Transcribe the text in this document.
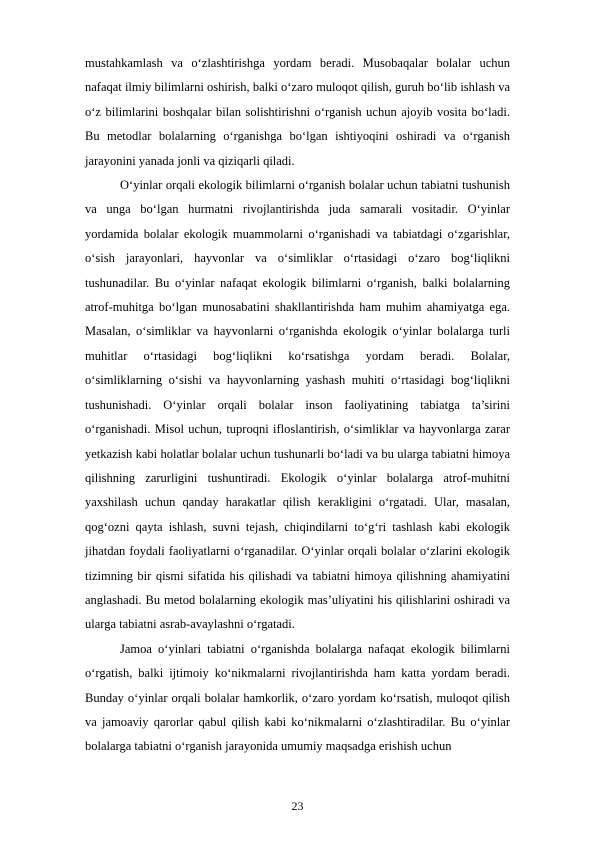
mustahkamlash va o‘zlashtirishga yordam beradi. Musobaqalar bolalar uchun nafaqat ilmiy bilimlarni oshirish, balki o‘zaro muloqot qilish, guruh bo‘lib ishlash va o‘z bilimlarini boshqalar bilan solishtirishni o‘rganish uchun ajoyib vosita bo‘ladi. Bu metodlar bolalarning o‘rganishga bo‘lgan ishtiyoqini oshiradi va o‘rganish jarayonini yanada jonli va qiziqarli qiladi.

O‘yinlar orqali ekologik bilimlarni o‘rganish bolalar uchun tabiatni tushunish va unga bo‘lgan hurmatni rivojlantirishda juda samarali vositadir. O‘yinlar yordamida bolalar ekologik muammolarni o‘rganishadi va tabiatdagi o‘zgarishlar, o‘sish jarayonlari, hayvonlar va o‘simliklar o‘rtasidagi o‘zaro bog‘liqlikni tushunadilar. Bu o‘yinlar nafaqat ekologik bilimlarni o‘rganish, balki bolalarning atrof-muhitga bo‘lgan munosabatini shakllantirishda ham muhim ahamiyatga ega. Masalan, o‘simliklar va hayvonlarni o‘rganishda ekologik o‘yinlar bolalarga turli muhitlar o‘rtasidagi bog‘liqlikni ko‘rsatishga yordam beradi. Bolalar, o‘simliklarning o‘sishi va hayvonlarning yashash muhiti o‘rtasidagi bog‘liqlikni tushunishadi. O‘yinlar orqali bolalar inson faoliyatining tabiatga ta’sirini o‘rganishadi. Misol uchun, tuproqni ifloslantirish, o‘simliklar va hayvonlarga zarar yetkazish kabi holatlar bolalar uchun tushunarli bo‘ladi va bu ularga tabiatni himoya qilishning zarurligini tushuntiradi. Ekologik o‘yinlar bolalarga atrof-muhitni yaxshilash uchun qanday harakatlar qilish kerakligini o‘rgatadi. Ular, masalan, qog‘ozni qayta ishlash, suvni tejash, chiqindilarni to‘g‘ri tashlash kabi ekologik jihatdan foydali faoliyatlarni o‘rganadilar. O‘yinlar orqali bolalar o‘zlarini ekologik tizimning bir qismi sifatida his qilishadi va tabiatni himoya qilishning ahamiyatini anglashadi. Bu metod bolalarning ekologik mas’uliyatini his qilishlarini oshiradi va ularga tabiatni asrab-avaylashni o‘rgatadi.

Jamoa o‘yinlari tabiatni o‘rganishda bolalarga nafaqat ekologik bilimlarni o‘rgatish, balki ijtimoiy ko‘nikmalarni rivojlantirishda ham katta yordam beradi. Bunday o‘yinlar orqali bolalar hamkorlik, o‘zaro yordam ko‘rsatish, muloqot qilish va jamoaviy qarorlar qabul qilish kabi ko‘nikmalarni o‘zlashtiradilar. Bu o‘yinlar bolalarga tabiatni o‘rganish jarayonida umumiy maqsadga erishish uchun

23
